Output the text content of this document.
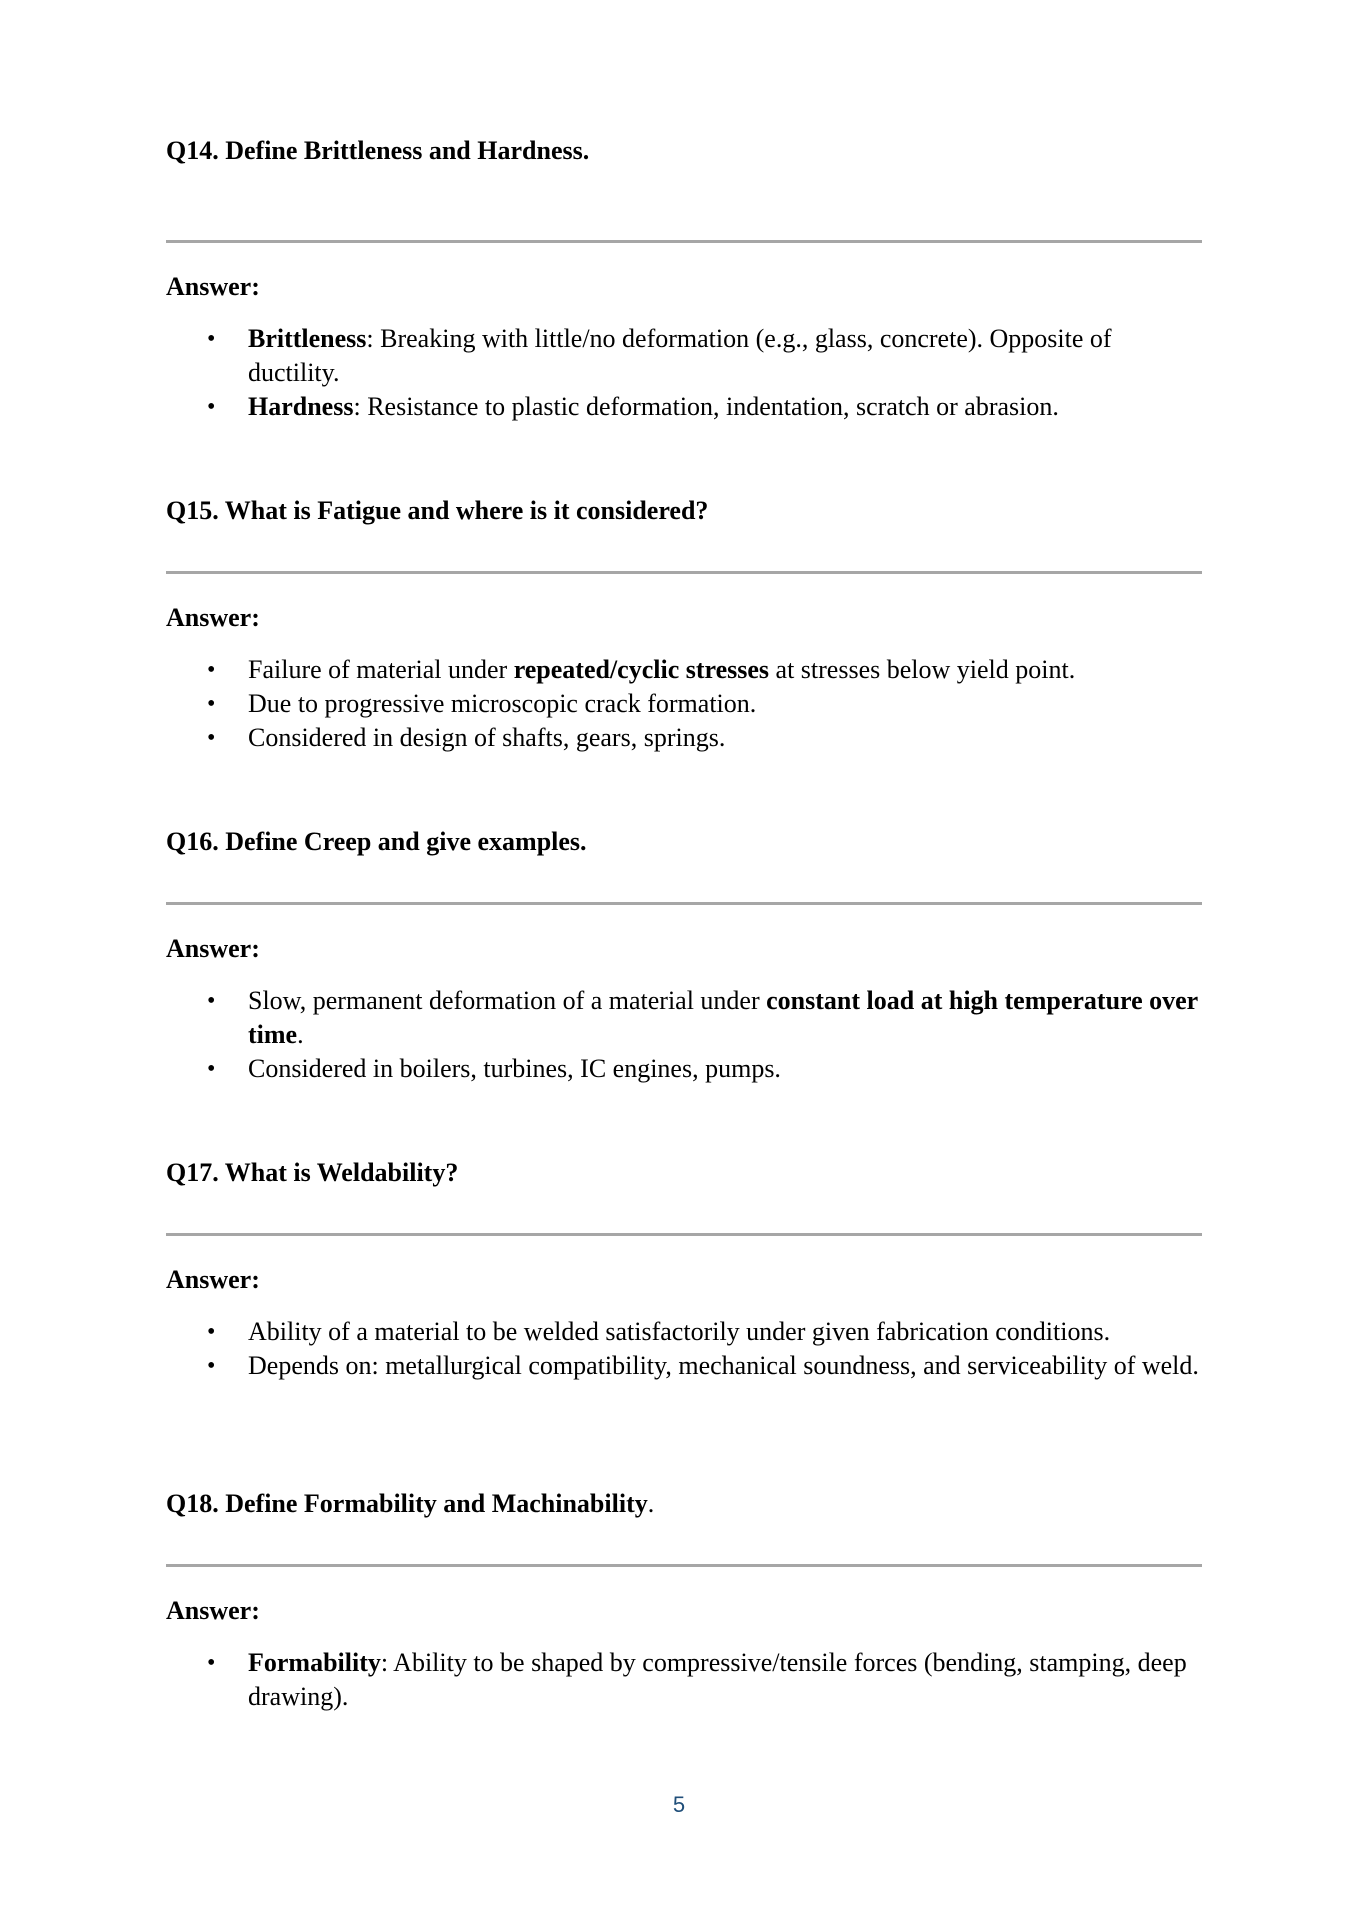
Q14. Define Brittleness and Hardness.
Answer:
• Brittleness: Breaking with little/no deformation (e.g., glass, concrete). Opposite of ductility.
• Hardness: Resistance to plastic deformation, indentation, scratch or abrasion.
Q15. What is Fatigue and where is it considered?
Answer:
• Failure of material under repeated/cyclic stresses at stresses below yield point.
• Due to progressive microscopic crack formation.
• Considered in design of shafts, gears, springs.
Q16. Define Creep and give examples.
Answer:
• Slow, permanent deformation of a material under constant load at high temperature over time.
• Considered in boilers, turbines, IC engines, pumps.
Q17. What is Weldability?
Answer:
• Ability of a material to be welded satisfactorily under given fabrication conditions.
• Depends on: metallurgical compatibility, mechanical soundness, and serviceability of weld.
Q18. Define Formability and Machinability.
Answer:
• Formability: Ability to be shaped by compressive/tensile forces (bending, stamping, deep drawing).
5
